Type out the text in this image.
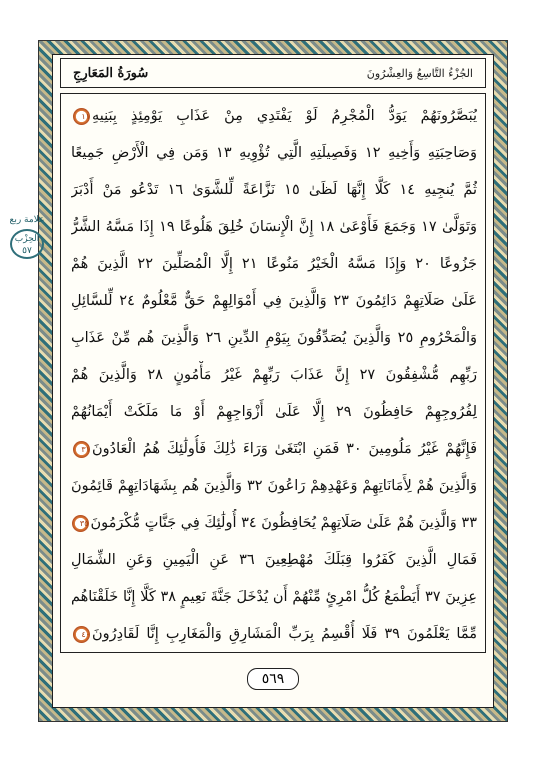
سُورَةُ المَعَارِجِ	الجُزْءُ التَّاسِعُ وَالعِشْرُونَ
علامة ربع
الحِزْب
٥٧
يُبَصَّرُونَهُمْ يَوَدُّ الْمُجْرِمُ لَوْ يَفْتَدِي مِنْ عَذَابِ يَوْمِئِذٍ بِبَنِيهِ١١
وَصَاحِبَتِهِ وَأَخِيهِ ١٢ وَفَصِيلَتِهِ الَّتِي تُؤْوِيهِ ١٣ وَمَن فِي الْأَرْضِ جَمِيعًا
ثُمَّ يُنجِيهِ ١٤ كَلَّا إِنَّهَا لَظَىٰ ١٥ نَزَّاعَةً لِّلشَّوَىٰ ١٦ تَدْعُو مَنْ أَدْبَرَ
وَتَوَلَّىٰ ١٧ وَجَمَعَ فَأَوْعَىٰ ١٨ إِنَّ الْإِنسَانَ خُلِقَ هَلُوعًا ١٩ إِذَا مَسَّهُ الشَّرُّ
جَزُوعًا ٢٠ وَإِذَا مَسَّهُ الْخَيْرُ مَنُوعًا ٢١ إِلَّا الْمُصَلِّينَ ٢٢ الَّذِينَ هُمْ
عَلَىٰ صَلَاتِهِمْ دَائِمُونَ ٢٣ وَالَّذِينَ فِي أَمْوَالِهِمْ حَقٌّ مَّعْلُومٌ ٢٤ لِّلسَّائِلِ
وَالْمَحْرُومِ ٢٥ وَالَّذِينَ يُصَدِّقُونَ بِيَوْمِ الدِّينِ ٢٦ وَالَّذِينَ هُم مِّنْ عَذَابِ
رَبِّهِم مُّشْفِقُونَ ٢٧ إِنَّ عَذَابَ رَبِّهِمْ غَيْرُ مَأْمُونٍ ٢٨ وَالَّذِينَ هُمْ
لِفُرُوجِهِمْ حَافِظُونَ ٢٩ إِلَّا عَلَىٰ أَزْوَاجِهِمْ أَوْ مَا مَلَكَتْ أَيْمَانُهُمْ
فَإِنَّهُمْ غَيْرُ مَلُومِينَ ٣٠ فَمَنِ ابْتَغَىٰ وَرَاءَ ذَٰلِكَ فَأُولَٰئِكَ هُمُ الْعَادُونَ٣١
وَالَّذِينَ هُمْ لِأَمَانَاتِهِمْ وَعَهْدِهِمْ رَاعُونَ ٣٢ وَالَّذِينَ هُم بِشَهَادَاتِهِمْ قَائِمُونَ
٣٣ وَالَّذِينَ هُمْ عَلَىٰ صَلَاتِهِمْ يُحَافِظُونَ ٣٤ أُولَٰئِكَ فِي جَنَّاتٍ مُّكْرَمُونَ٣٥
فَمَالِ الَّذِينَ كَفَرُوا قِبَلَكَ مُهْطِعِينَ ٣٦ عَنِ الْيَمِينِ وَعَنِ الشِّمَالِ
عِزِينَ ٣٧ أَيَطْمَعُ كُلُّ امْرِئٍ مِّنْهُمْ أَن يُدْخَلَ جَنَّةَ نَعِيمٍ ٣٨ كَلَّا إِنَّا خَلَقْنَاهُم
مِّمَّا يَعْلَمُونَ ٣٩ فَلَا أُقْسِمُ بِرَبِّ الْمَشَارِقِ وَالْمَغَارِبِ إِنَّا لَقَادِرُونَ٤٠
٥٦٩
